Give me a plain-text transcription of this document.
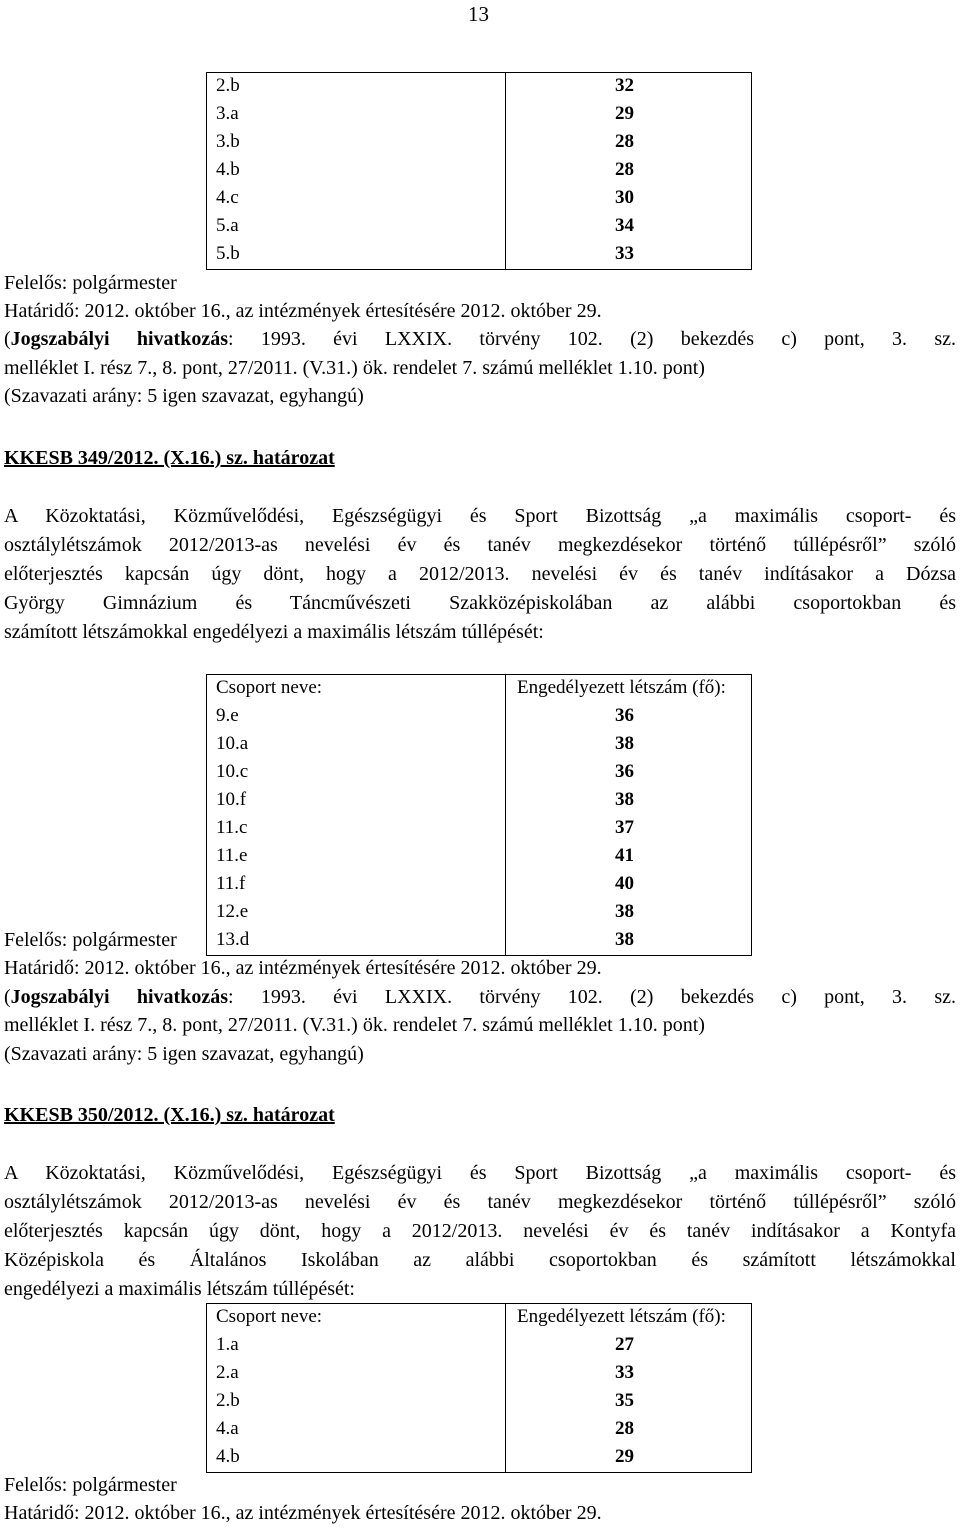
13
2.b	32
3.a	29
3.b	28
4.b	28
4.c	30
5.a	34
5.b	33
Felelős: polgármester
Határidő: 2012. október 16., az intézmények értesítésére 2012. október 29.
(Jogszabályi hivatkozás: 1993. évi LXXIX. törvény 102. (2) bekezdés c) pont, 3. sz.
melléklet I. rész 7., 8. pont, 27/2011. (V.31.) ök. rendelet 7. számú melléklet 1.10. pont)
(Szavazati arány: 5 igen szavazat, egyhangú)
KKESB 349/2012. (X.16.) sz. határozat
A Közoktatási, Közművelődési, Egészségügyi és Sport Bizottság „a maximális csoport- és
osztálylétszámok 2012/2013-as nevelési év és tanév megkezdésekor történő túllépésről” szóló
előterjesztés kapcsán úgy dönt, hogy a 2012/2013. nevelési év és tanév indításakor a Dózsa
György Gimnázium és Táncművészeti Szakközépiskolában az alábbi csoportokban és
számított létszámokkal engedélyezi a maximális létszám túllépését:
Csoport neve:	Engedélyezett létszám (fő):
9.e	36
10.a	38
10.c	36
10.f	38
11.c	37
11.e	41
11.f	40
12.e	38
13.d	38
Felelős: polgármester
Határidő: 2012. október 16., az intézmények értesítésére 2012. október 29.
(Jogszabályi hivatkozás: 1993. évi LXXIX. törvény 102. (2) bekezdés c) pont, 3. sz.
melléklet I. rész 7., 8. pont, 27/2011. (V.31.) ök. rendelet 7. számú melléklet 1.10. pont)
(Szavazati arány: 5 igen szavazat, egyhangú)
KKESB 350/2012. (X.16.) sz. határozat
A Közoktatási, Közművelődési, Egészségügyi és Sport Bizottság „a maximális csoport- és
osztálylétszámok 2012/2013-as nevelési év és tanév megkezdésekor történő túllépésről” szóló
előterjesztés kapcsán úgy dönt, hogy a 2012/2013. nevelési év és tanév indításakor a Kontyfa
Középiskola és Általános Iskolában az alábbi csoportokban és számított létszámokkal
engedélyezi a maximális létszám túllépését:
Csoport neve:	Engedélyezett létszám (fő):
1.a	27
2.a	33
2.b	35
4.a	28
4.b	29
Felelős: polgármester
Határidő: 2012. október 16., az intézmények értesítésére 2012. október 29.
